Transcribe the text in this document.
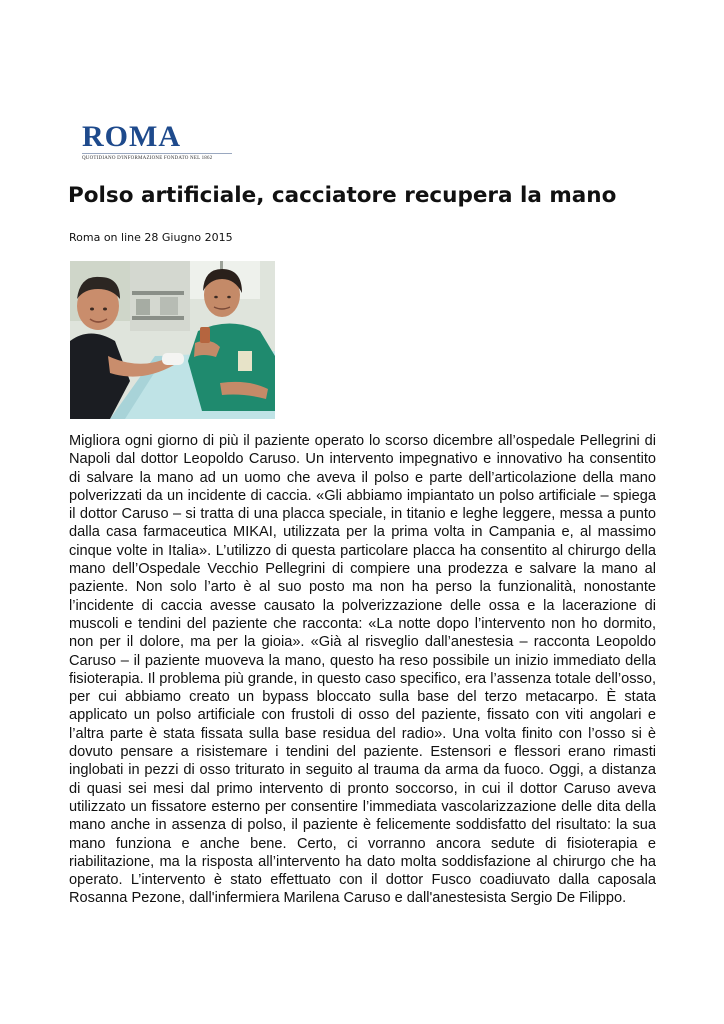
ROMA
QUOTIDIANO D'INFORMAZIONE FONDATO NEL 1862
Polso artificiale, cacciatore recupera la mano
Roma on line 28 Giugno 2015

Migliora ogni giorno di più il paziente operato lo scorso dicembre all’ospedale Pellegrini di Napoli dal dottor Leopoldo Caruso. Un intervento impegnativo e innovativo ha consentito di salvare la mano ad un uomo che aveva il polso e parte dell’articolazione della mano polverizzati da un incidente di caccia. «Gli abbiamo impiantato un polso artificiale – spiega il dottor Caruso – si tratta di una placca speciale, in titanio e leghe leggere, messa a punto dalla casa farmaceutica MIKAI, utilizzata per la prima volta in Campania e, al massimo cinque volte in Italia». L’utilizzo di questa particolare placca ha consentito al chirurgo della mano dell’Ospedale Vecchio Pellegrini di compiere una prodezza e salvare la mano al paziente. Non solo l’arto è al suo posto ma non ha perso la funzionalità, nonostante l’incidente di caccia avesse causato la polverizzazione delle ossa e la lacerazione di muscoli e tendini del paziente che racconta: «La notte dopo l’intervento non ho dormito, non per il dolore, ma per la gioia». «Già al risveglio dall’anestesia – racconta Leopoldo Caruso – il paziente muoveva la mano, questo ha reso possibile un inizio immediato della fisioterapia. Il problema più grande, in questo caso specifico, era l’assenza totale dell’osso, per cui abbiamo creato un bypass bloccato sulla base del terzo metacarpo. È stata applicato un polso artificiale con frustoli di osso del paziente, fissato con viti angolari e l’altra parte è stata fissata sulla base residua del radio». Una volta finito con l’osso si è dovuto pensare a risistemare i tendini del paziente. Estensori e flessori erano rimasti inglobati in pezzi di osso triturato in seguito al trauma da arma da fuoco. Oggi, a distanza di quasi sei mesi dal primo intervento di pronto soccorso, in cui il dottor Caruso aveva utilizzato un fissatore esterno per consentire l’immediata vascolarizzazione delle dita della mano anche in assenza di polso, il paziente è felicemente soddisfatto del risultato: la sua mano funziona e anche bene. Certo, ci vorranno ancora sedute di fisioterapia e riabilitazione, ma la risposta all’intervento ha dato molta soddisfazione al chirurgo che ha operato. L’intervento è stato effettuato con il dottor Fusco coadiuvato dalla caposala Rosanna Pezone, dall'infermiera Marilena Caruso e dall'anestesista Sergio De Filippo.
